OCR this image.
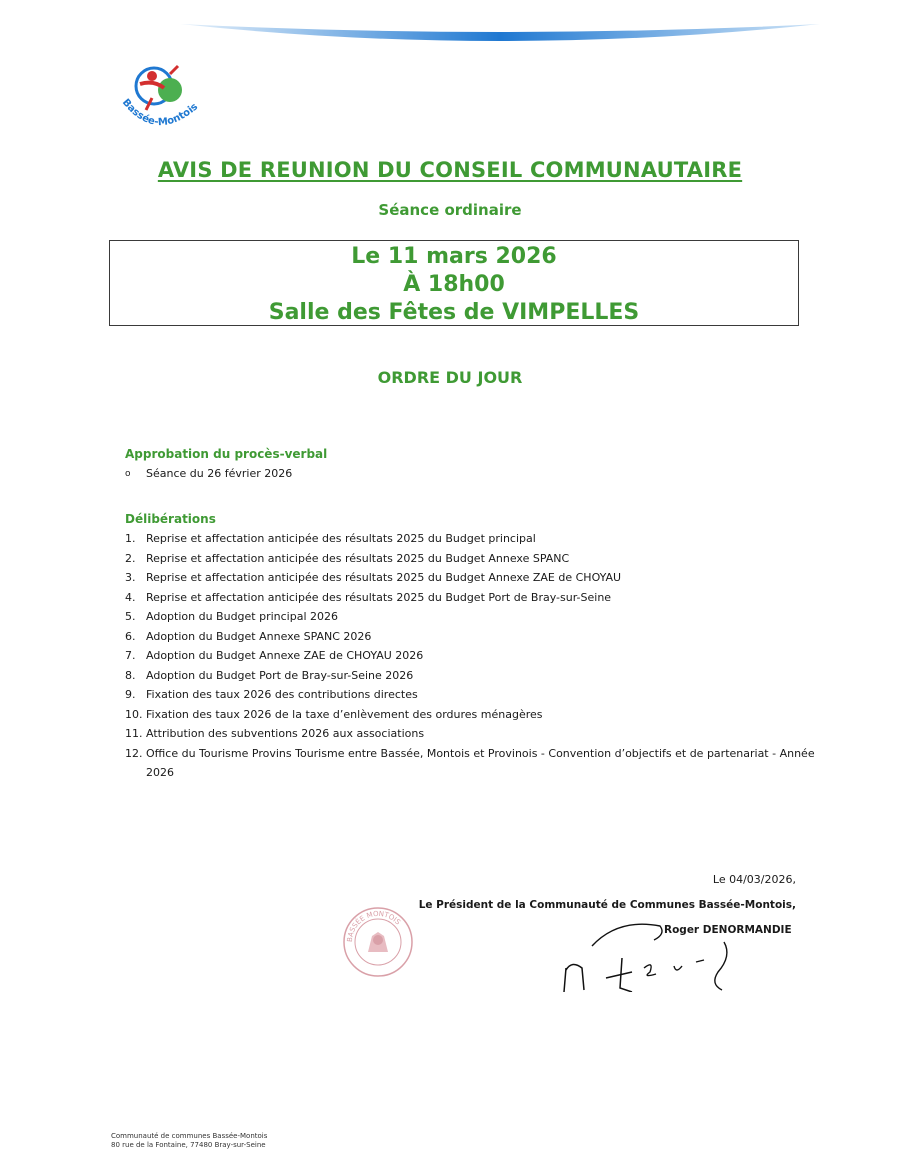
Bassée-Montois
AVIS DE REUNION DU CONSEIL COMMUNAUTAIRE

Séance ordinaire

Le 11 mars 2026
À 18h00
Salle des Fêtes de VIMPELLES

ORDRE DU JOUR

Approbation du procès-verbal

o	Séance du 26 février 2026

Délibérations

1. Reprise et affectation anticipée des résultats 2025 du Budget principal
2. Reprise et affectation anticipée des résultats 2025 du Budget Annexe SPANC
3. Reprise et affectation anticipée des résultats 2025 du Budget Annexe ZAE de CHOYAU
4. Reprise et affectation anticipée des résultats 2025 du Budget Port de Bray-sur-Seine
5. Adoption du Budget principal 2026
6. Adoption du Budget Annexe SPANC 2026
7. Adoption du Budget Annexe ZAE de CHOYAU 2026
8. Adoption du Budget Port de Bray-sur-Seine 2026
9. Fixation des taux 2026 des contributions directes
10. Fixation des taux 2026 de la taxe d’enlèvement des ordures ménagères
11. Attribution des subventions 2026 aux associations
12. Office du Tourisme Provins Tourisme entre Bassée, Montois et Provinois - Convention d’objectifs et de partenariat - Année 2026
Le 04/03/2026,
Le Président de la Communauté de Communes Bassée-Montois,
Roger DENORMANDIE
BASSÉE MONTOIS
Communauté de communes Bassée-Montois
80 rue de la Fontaine, 77480 Bray-sur-Seine
